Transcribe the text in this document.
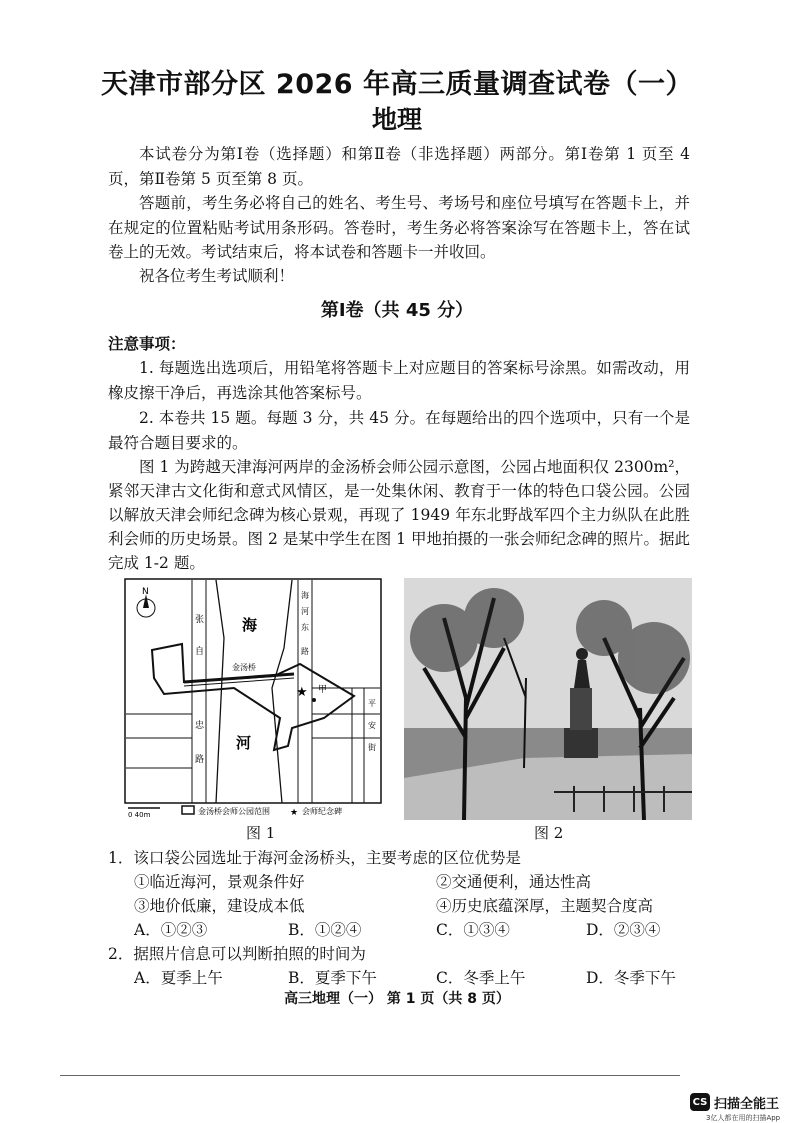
天津市部分区 2026 年高三质量调查试卷（一）
地理
本试卷分为第Ⅰ卷（选择题）和第Ⅱ卷（非选择题）两部分。第Ⅰ卷第 1 页至 4 页，第Ⅱ卷第 5 页至第 8 页。
答题前，考生务必将自己的姓名、考生号、考场号和座位号填写在答题卡上，并在规定的位置粘贴考试用条形码。答卷时，考生务必将答案涂写在答题卡上，答在试卷上的无效。考试结束后，将本试卷和答题卡一并收回。
祝各位考生考试顺利！
第Ⅰ卷（共 45 分）
注意事项：
1. 每题选出选项后，用铅笔将答题卡上对应题目的答案标号涂黑。如需改动，用橡皮擦干净后，再选涂其他答案标号。
2. 本卷共 15 题。每题 3 分，共 45 分。在每题给出的四个选项中，只有一个是最符合题目要求的。
图 1 为跨越天津海河两岸的金汤桥会师公园示意图，公园占地面积仅 2300m²，紧邻天津古文化街和意式风情区，是一处集休闲、教育于一体的特色口袋公园。公园以解放天津会师纪念碑为核心景观，再现了 1949 年东北野战军四个主力纵队在此胜利会师的历史场景。图 2 是某中学生在图 1 甲地拍摄的一张会师纪念碑的照片。据此完成 1-2 题。
N
★ 甲
金汤桥
海
河
张
自
忠
路
海
河
东
路
平
安
街
0 40m	金汤桥会师公园范围 ★ 会师纪念碑
图 1	图 2
1．该口袋公园选址于海河金汤桥头，主要考虑的区位优势是
①临近海河，景观条件好	②交通便利，通达性高
③地价低廉，建设成本低	④历史底蕴深厚，主题契合度高
A．①②③	B．①②④	C．①③④	D．②③④
2．据照片信息可以判断拍照的时间为
A．夏季上午	B．夏季下午	C．冬季上午	D．冬季下午
高三地理（一） 第 1 页（共 8 页）
CS 扫描全能王
3亿人都在用的扫描App
